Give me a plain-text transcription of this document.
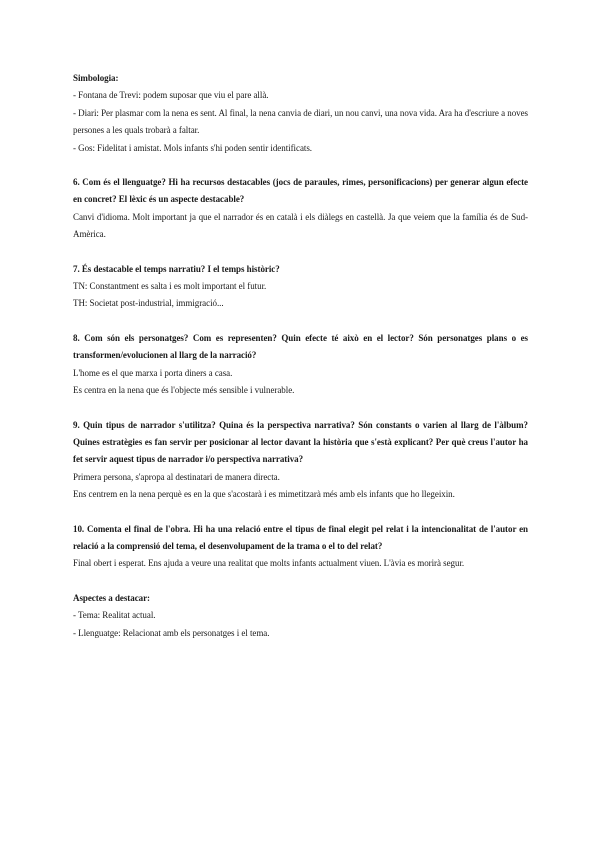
Simbologia:
- Fontana de Trevi: podem suposar que viu el pare allà.
- Diari: Per plasmar com la nena es sent. Al final, la nena canvia de diari, un nou canvi, una nova vida. Ara ha d'escriure a noves persones a les quals trobarà a faltar.
- Gos: Fidelitat i amistat. Mols infants s'hi poden sentir identificats.
6. Com és el llenguatge? Hi ha recursos destacables (jocs de paraules, rimes, personificacions) per generar algun efecte en concret? El lèxic és un aspecte destacable?
Canvi d'idioma. Molt important ja que el narrador és en català i els diàlegs en castellà. Ja que veiem que la família és de Sud-Amèrica.
7. És destacable el temps narratiu? I el temps històric?
TN: Constantment es salta i es molt important el futur.
TH: Societat post-industrial, immigració...
8. Com són els personatges? Com es representen? Quin efecte té això en el lector? Són personatges plans o es transformen/evolucionen al llarg de la narració?
L'home es el que marxa i porta diners a casa.
Es centra en la nena que és l'objecte més sensible i vulnerable.
9. Quin tipus de narrador s'utilitza? Quina és la perspectiva narrativa? Són constants o varien al llarg de l'àlbum? Quines estratègies es fan servir per posicionar al lector davant la història que s'està explicant? Per què creus l'autor ha fet servir aquest tipus de narrador i/o perspectiva narrativa?
Primera persona, s'apropa al destinatari de manera directa.
Ens centrem en la nena perquè es en la que s'acostarà i es mimetitzarà més amb els infants que ho llegeixin.
10. Comenta el final de l'obra. Hi ha una relació entre el tipus de final elegit pel relat i la intencionalitat de l'autor en relació a la comprensió del tema, el desenvolupament de la trama o el to del relat?
Final obert i esperat. Ens ajuda a veure una realitat que molts infants actualment viuen. L'àvia es morirà segur.
Aspectes a destacar:
- Tema: Realitat actual.
- Llenguatge: Relacionat amb els personatges i el tema.
